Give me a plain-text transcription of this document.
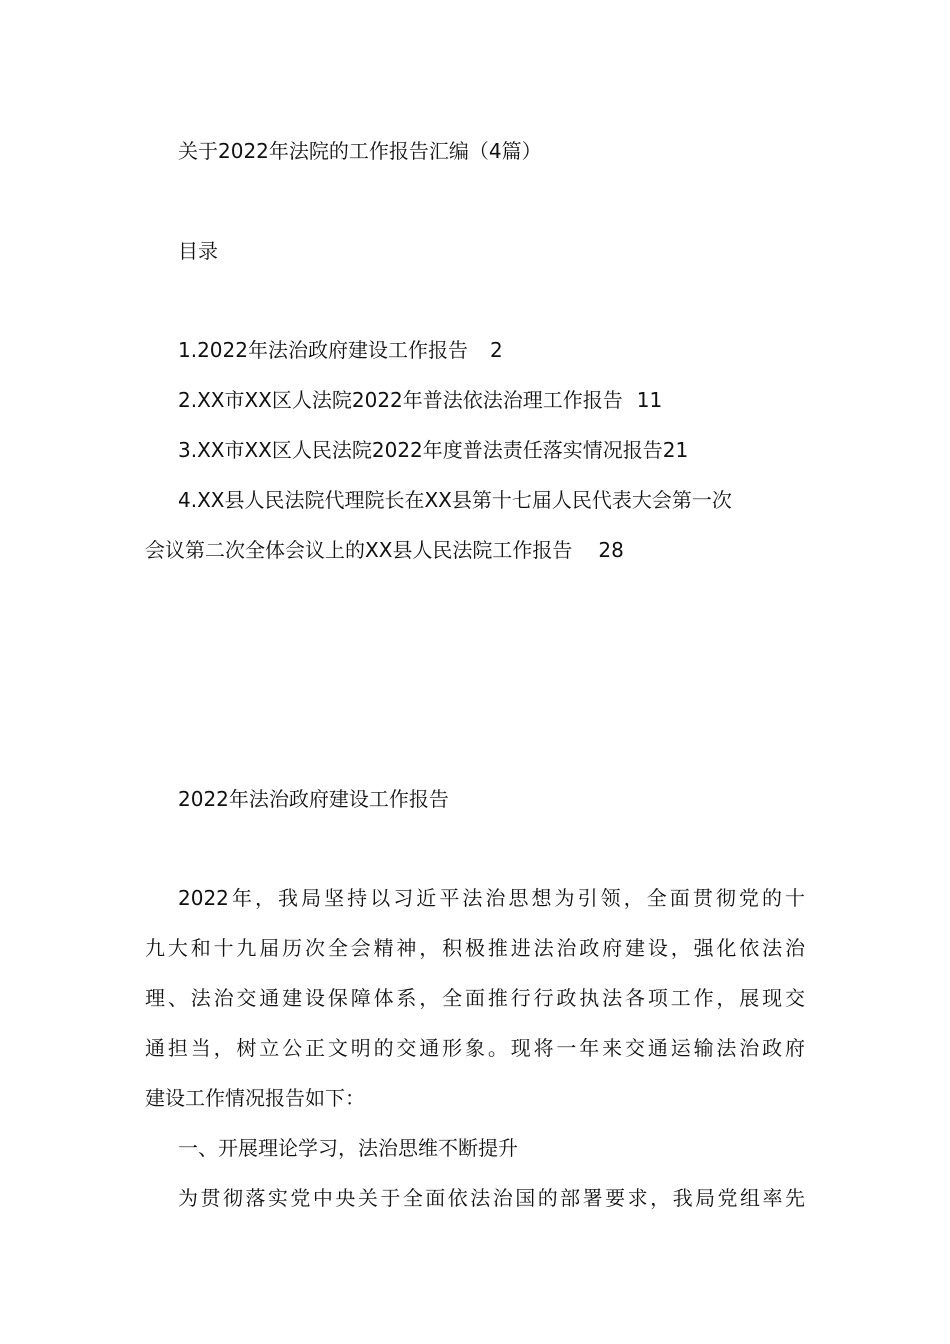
关于2022年法院的工作报告汇编（4篇）
目录
1.2022年法治政府建设工作报告 2
2.XX市XX区人法院2022年普法依法治理工作报告 11
3.XX市XX区人民法院2022年度普法责任落实情况报告21
4.XX县人民法院代理院长在XX县第十七届人民代表大会第一次
会议第二次全体会议上的XX县人民法院工作报告 28
2022年法治政府建设工作报告
2022年，我局坚持以习近平法治思想为引领，全面贯彻党的十
九大和十九届历次全会精神，积极推进法治政府建设，强化依法治
理、法治交通建设保障体系，全面推行行政执法各项工作，展现交
通担当，树立公正文明的交通形象。现将一年来交通运输法治政府
建设工作情况报告如下：
一、开展理论学习，法治思维不断提升
为贯彻落实党中央关于全面依法治国的部署要求，我局党组率先
